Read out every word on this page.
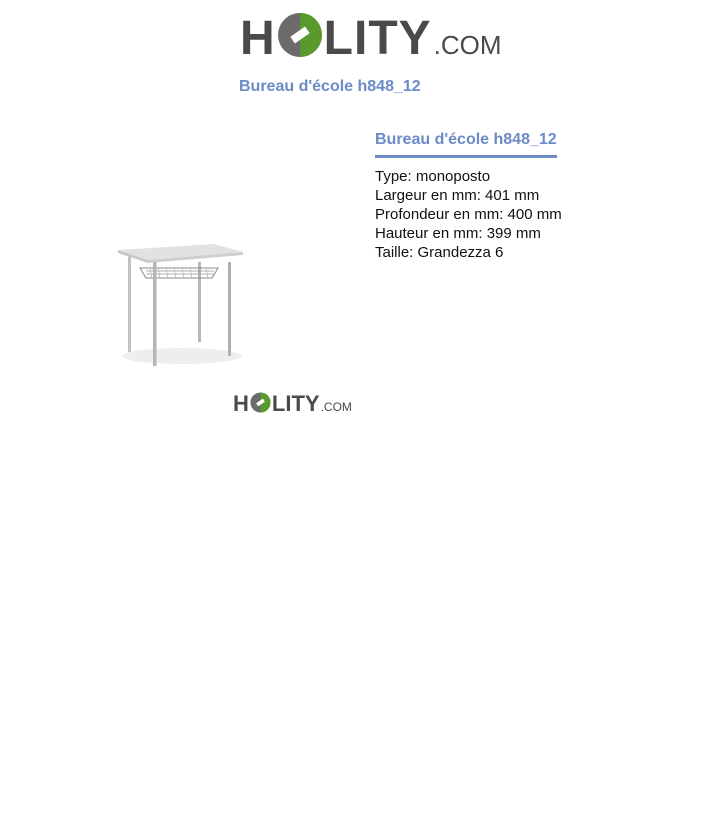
H LITY .COM
Bureau d'école h848_12
H LITY .COM
Bureau d'école h848_12
Type: monoposto
Largeur en mm: 401 mm
Profondeur en mm: 400 mm
Hauteur en mm: 399 mm
Taille: Grandezza 6
